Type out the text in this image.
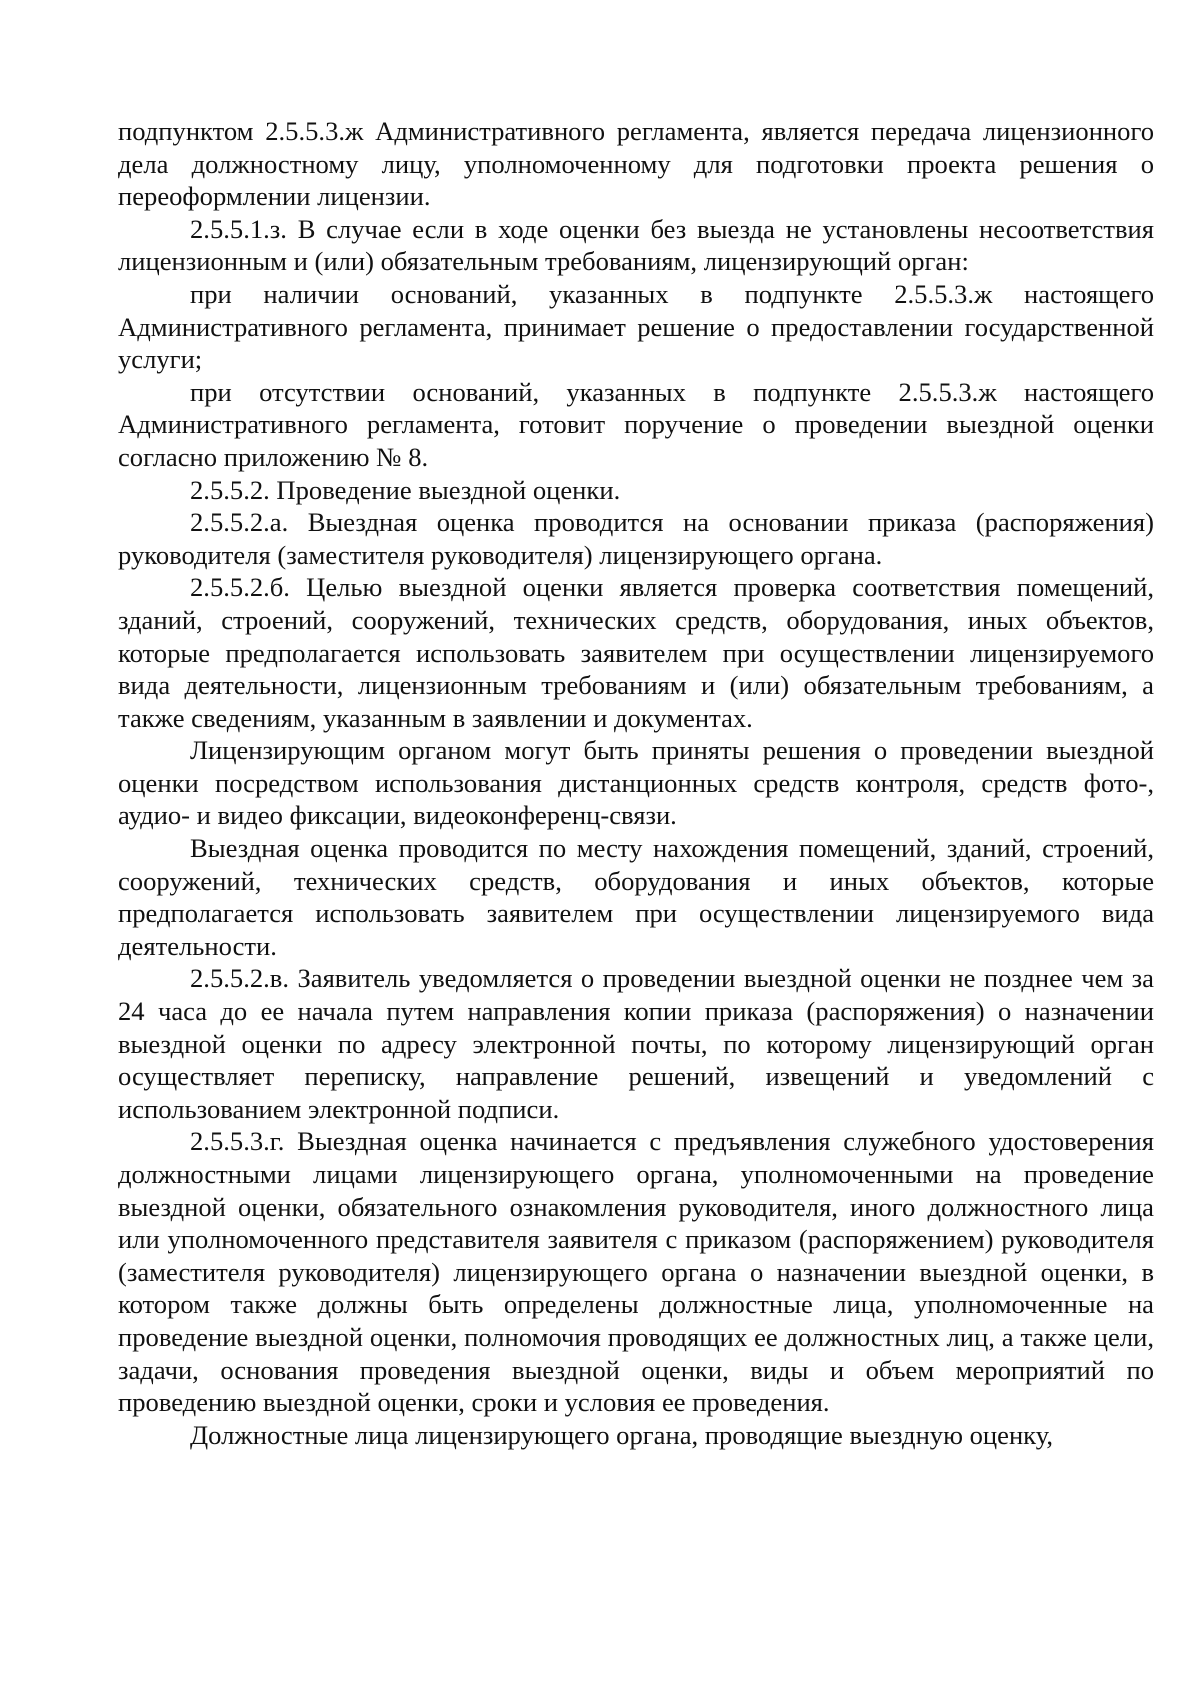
подпунктом 2.5.5.3.ж Административного регламента, является передача лицензионного дела должностному лицу, уполномоченному для подготовки проекта решения о переоформлении лицензии.

2.5.5.1.з. В случае если в ходе оценки без выезда не установлены несоответствия лицензионным и (или) обязательным требованиям, лицензирующий орган:

при наличии оснований, указанных в подпункте 2.5.5.3.ж настоящего Административного регламента, принимает решение о предоставлении государственной услуги;

при отсутствии оснований, указанных в подпункте 2.5.5.3.ж настоящего Административного регламента, готовит поручение о проведении выездной оценки согласно приложению № 8.

2.5.5.2. Проведение выездной оценки.

2.5.5.2.а. Выездная оценка проводится на основании приказа (распоряжения) руководителя (заместителя руководителя) лицензирующего органа.

2.5.5.2.б. Целью выездной оценки является проверка соответствия помещений, зданий, строений, сооружений, технических средств, оборудования, иных объектов, которые предполагается использовать заявителем при осуществлении лицензируемого вида деятельности, лицензионным требованиям и (или) обязательным требованиям, а также сведениям, указанным в заявлении и документах.

Лицензирующим органом могут быть приняты решения о проведении выездной оценки посредством использования дистанционных средств контроля, средств фото-, аудио- и видео фиксации, видеоконференц-связи.

Выездная оценка проводится по месту нахождения помещений, зданий, строений, сооружений, технических средств, оборудования и иных объектов, которые предполагается использовать заявителем при осуществлении лицензируемого вида деятельности.

2.5.5.2.в. Заявитель уведомляется о проведении выездной оценки не позднее чем за 24 часа до ее начала путем направления копии приказа (распоряжения) о назначении выездной оценки по адресу электронной почты, по которому лицензирующий орган осуществляет переписку, направление решений, извещений и уведомлений с использованием электронной подписи.

2.5.5.3.г. Выездная оценка начинается с предъявления служебного удостоверения должностными лицами лицензирующего органа, уполномоченными на проведение выездной оценки, обязательного ознакомления руководителя, иного должностного лица или уполномоченного представителя заявителя с приказом (распоряжением) руководителя (заместителя руководителя) лицензирующего органа о назначении выездной оценки, в котором также должны быть определены должностные лица, уполномоченные на проведение выездной оценки, полномочия проводящих ее должностных лиц, а также цели, задачи, основания проведения выездной оценки, виды и объем мероприятий по проведению выездной оценки, сроки и условия ее проведения.

Должностные лица лицензирующего органа, проводящие выездную оценку,
